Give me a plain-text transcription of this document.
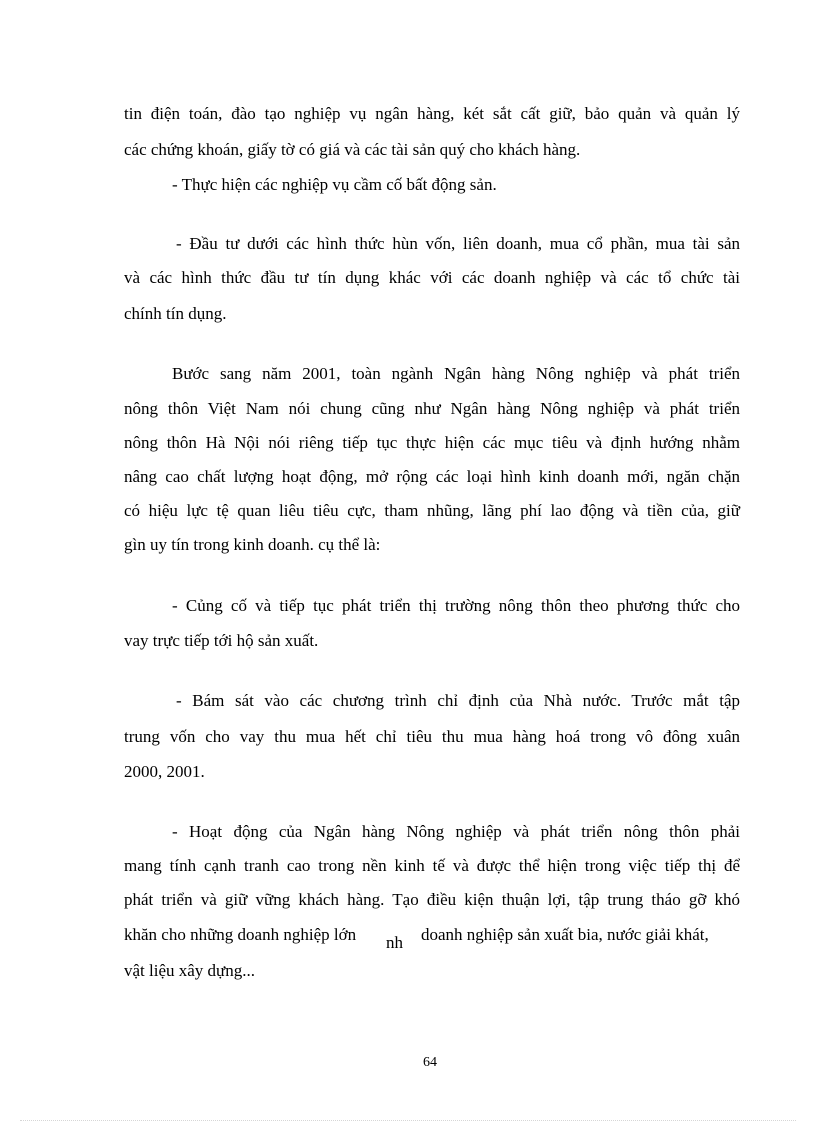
tin điện toán, đào tạo nghiệp vụ ngân hàng, két sắt cất giữ, bảo quản và quản lý
các chứng khoán, giấy tờ có giá và các tài sản quý cho khách hàng.
- Thực hiện các nghiệp vụ cầm cố bất động sản.
- Đầu tư dưới các hình thức hùn vốn, liên doanh, mua cổ phần, mua tài sản
và các hình thức đầu tư tín dụng khác với các doanh nghiệp và các tổ chức tài
chính tín dụng.
Bước sang năm 2001, toàn ngành Ngân hàng Nông nghiệp và phát triển
nông thôn Việt Nam nói chung cũng như Ngân hàng Nông nghiệp và phát triển
nông thôn Hà Nội nói riêng tiếp tục thực hiện các mục tiêu và định hướng nhằm
nâng cao chất lượng hoạt động, mở rộng các loại hình kinh doanh mới, ngăn chặn
có hiệu lực tệ quan liêu tiêu cực, tham nhũng, lãng phí lao động và tiền của, giữ
gìn uy tín trong kinh doanh. cụ thể là:
- Củng cố và tiếp tục phát triển thị trường nông thôn theo phương thức cho
vay trực tiếp tới hộ sản xuất.
- Bám sát vào các chương trình chỉ định của Nhà nước. Trước mắt tập
trung vốn cho vay thu mua hết chỉ tiêu thu mua hàng hoá trong vô đông xuân
2000, 2001.
- Hoạt động của Ngân hàng Nông nghiệp và phát triển nông thôn phải
mang tính cạnh tranh cao trong nền kinh tế và được thể hiện trong việc tiếp thị để
phát triển và giữ vững khách hàng. Tạo điều kiện thuận lợi, tập trung tháo gỡ khó
khăn cho những doanh nghiệp lớn nh doanh nghiệp sản xuất bia, nước giải khát,
vật liệu xây dựng...
64
